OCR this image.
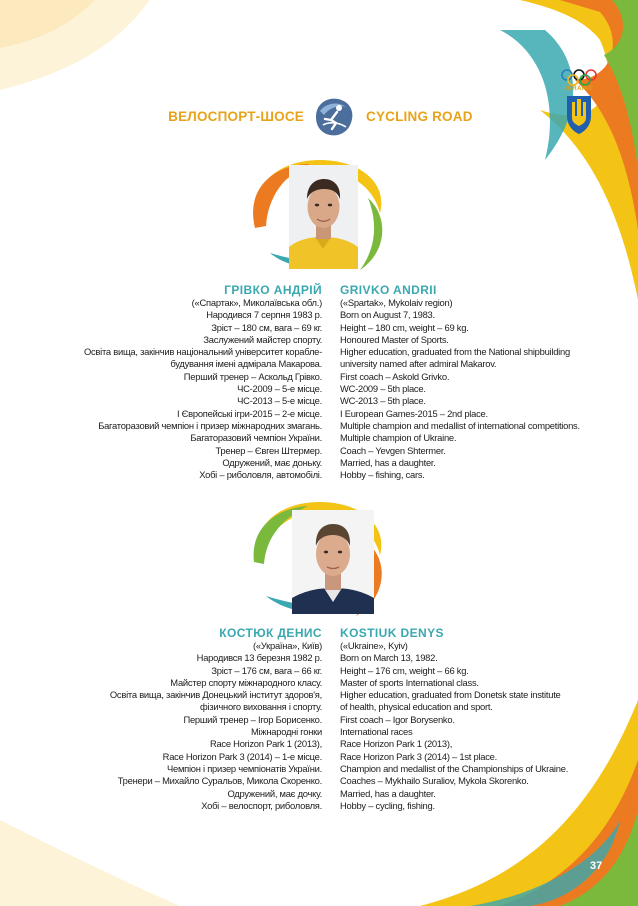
UKRAINE
ВЕЛОСПОРТ-ШОСЕ	CYCLING ROAD
ГРІВКО АНДРІЙ GRIVKO ANDRII
(«Спартак», Миколаївська обл.)
Народився 7 серпня 1983 р.
Зріст – 180 см, вага – 69 кг.
Заслужений майстер спорту.
Освіта вища, закінчив національний університет корабле-
будування імені адмірала Макарова.
Перший тренер – Аскольд Грівко.
ЧС-2009 – 5-е місце.
ЧС-2013 – 5-е місце.
І Європейські ігри-2015 – 2-е місце.
Багаторазовий чемпіон і призер міжнародних змагань.
Багаторазовий чемпіон України.
Тренер – Євген Штермер.
Одружений, має доньку.
Хобі – риболовля, автомобілі.
(«Spartak», Mykolaiv region)
Born on August 7, 1983.
Height – 180 cm, weight – 69 kg.
Honoured Master of Sports.
Higher education, graduated from the National shipbuilding
university named after admiral Makarov.
First coach – Askold Grivko.
WC-2009 – 5th place.
WC-2013 – 5th place.
I European Games-2015 – 2nd place.
Multiple champion and medallist of international competitions.
Multiple champion of Ukraine.
Coach – Yevgen Shtermer.
Married, has a daughter.
Hobby – fishing, cars.
КОСТЮК ДЕНИС KOSTIUK DENYS
(«Україна», Київ)
Народився 13 березня 1982 р.
Зріст – 176 см, вага – 66 кг.
Майстер спорту міжнародного класу.
Освіта вища, закінчив Донецький інститут здоров'я,
фізичного виховання і спорту.
Перший тренер – Ігор Борисенко.
Міжнародні гонки
Race Horizon Park 1 (2013),
Race Horizon Park 3 (2014) – 1-е місце.
Чемпіон і призер чемпіонатів України.
Тренери – Михайло Суральов, Микола Скоренко.
Одружений, має дочку.
Хобі – велоспорт, риболовля.
(«Ukraine», Kyiv)
Born on March 13, 1982.
Height – 176 cm, weight – 66 kg.
Master of sports International class.
Higher education, graduated from Donetsk state institute
of health, physical education and sport.
First coach – Igor Borysenko.
International races
Race Horizon Park 1 (2013),
Race Horizon Park 3 (2014) – 1st place.
Champion and medallist of the Championships of Ukraine.
Coaches – Mykhailo Suraliov, Mykola Skorenko.
Married, has a daughter.
Hobby – cycling, fishing.
37
